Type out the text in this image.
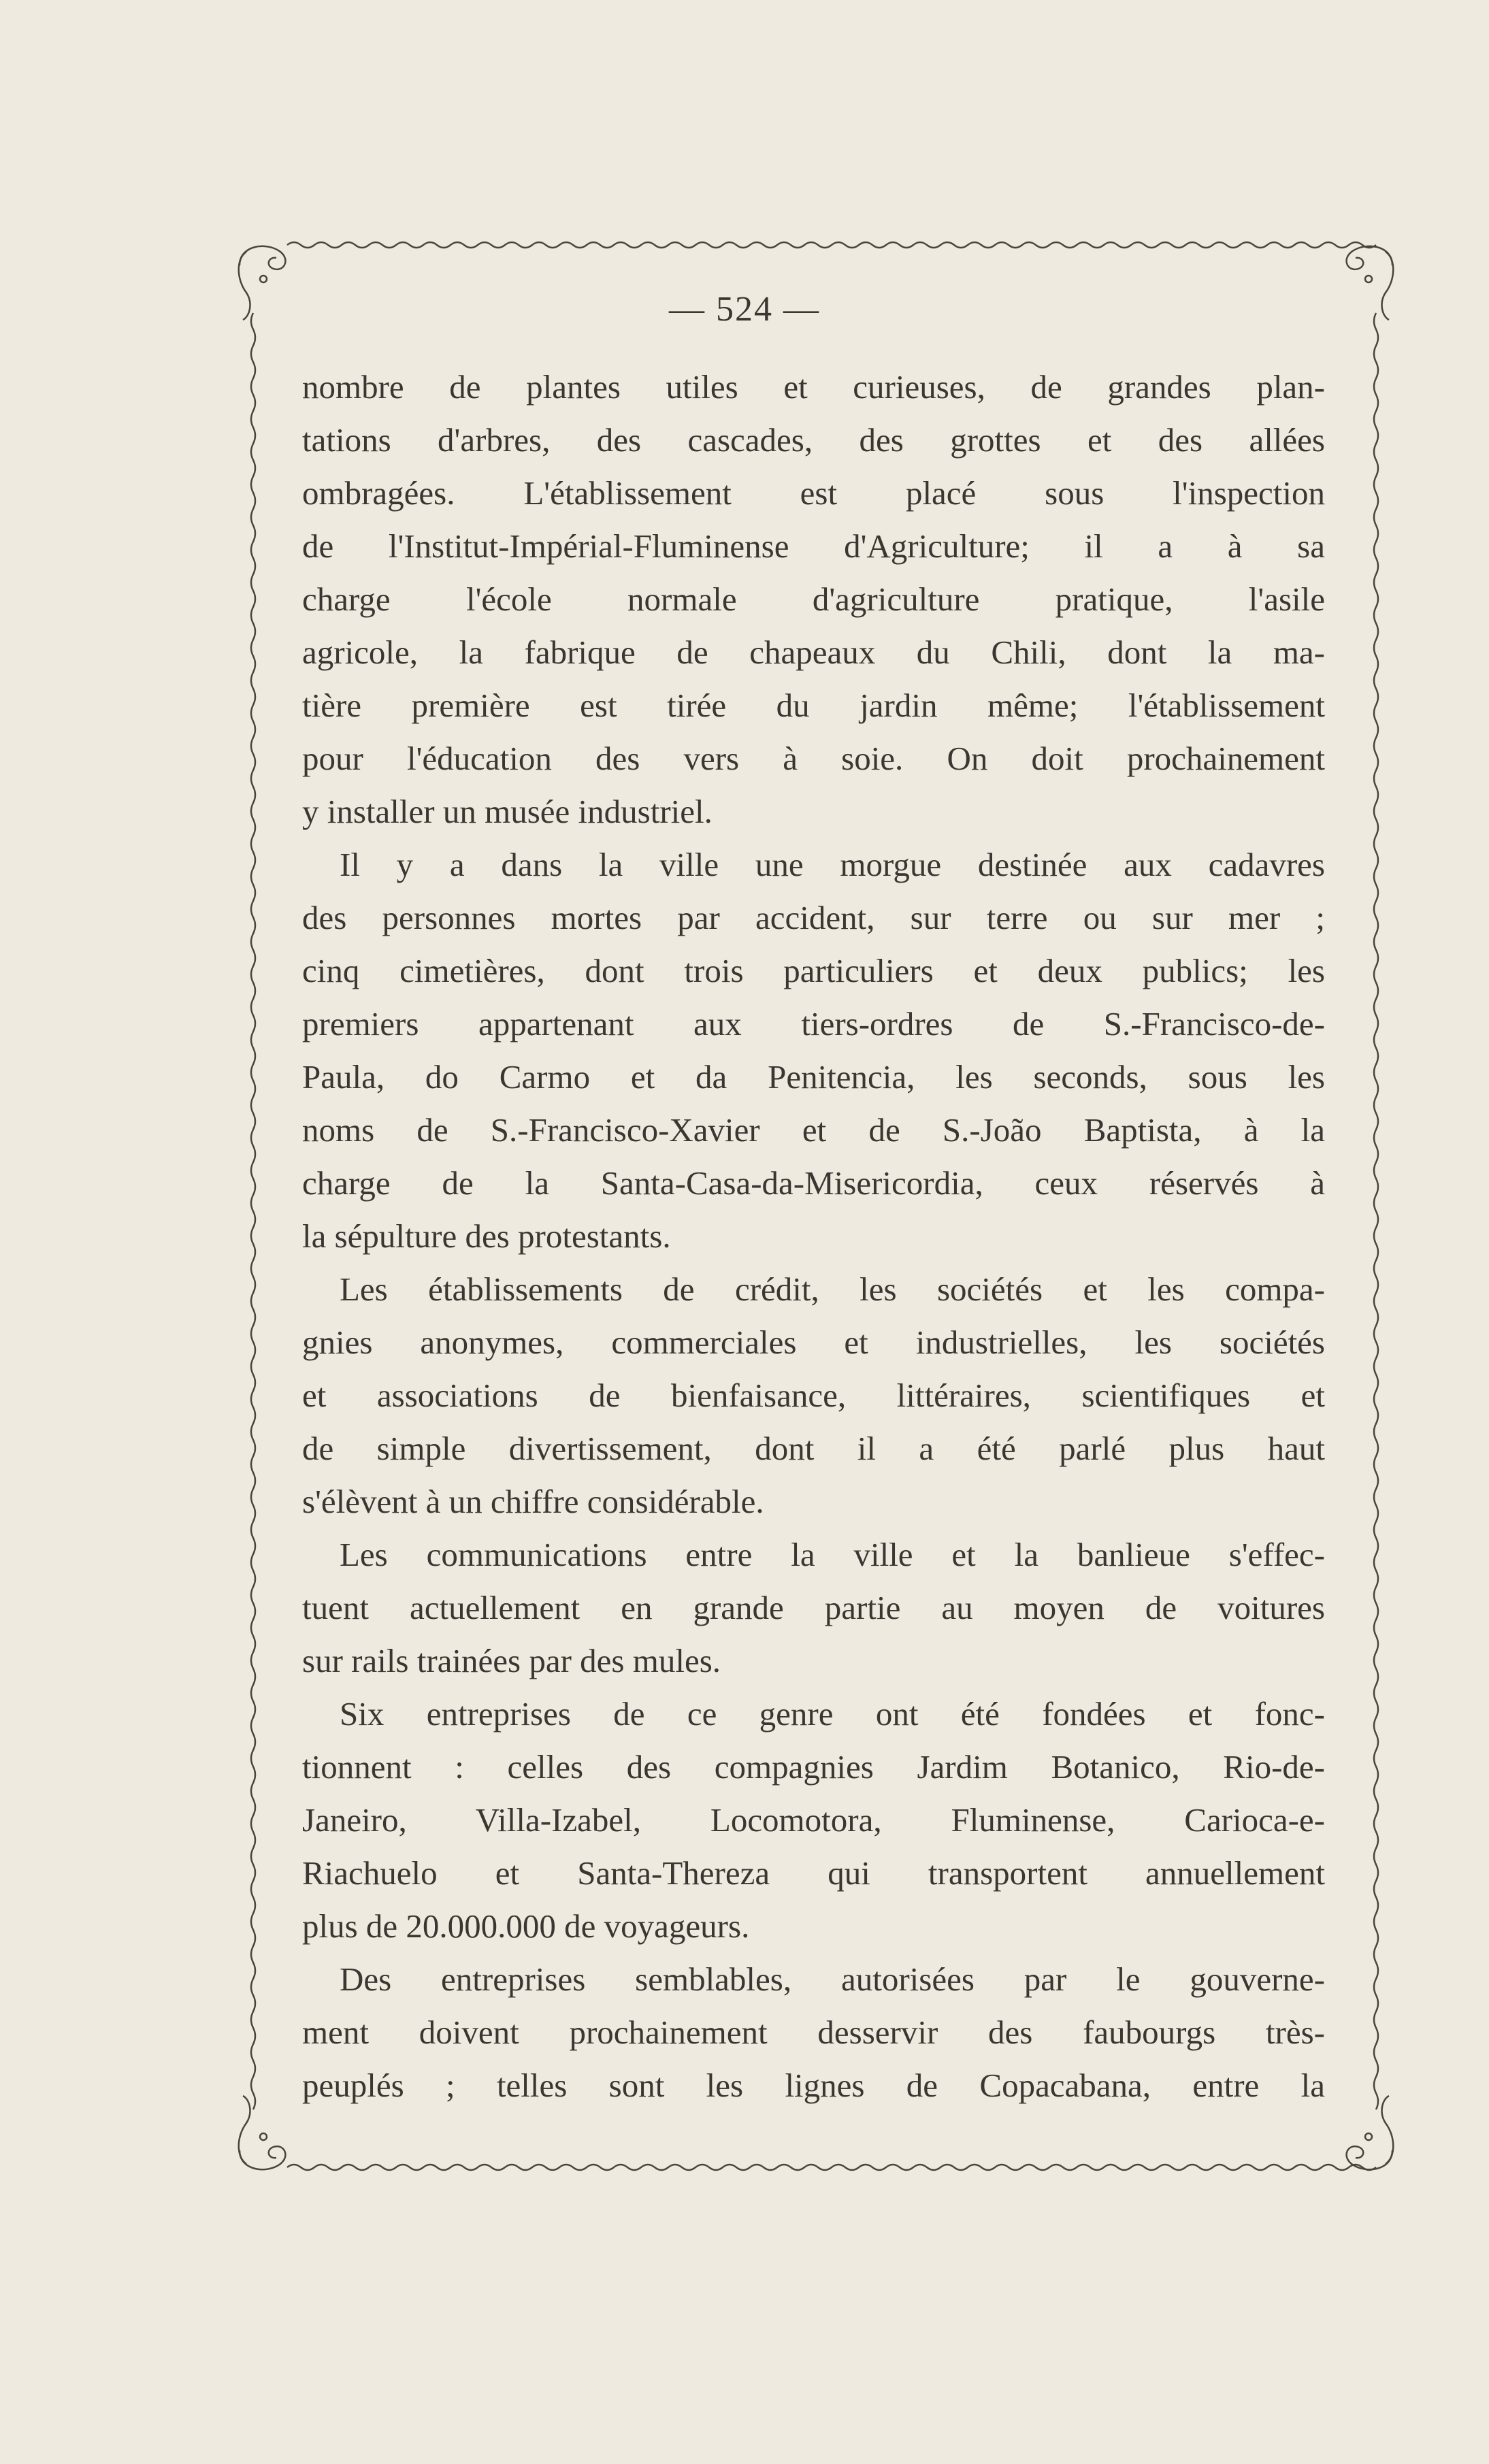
— 524 —
nombre de plantes utiles et curieuses, de grandes plan-
tations d'arbres, des cascades, des grottes et des allées
ombragées. L'établissement est placé sous l'inspection
de l'Institut-Impérial-Fluminense d'Agriculture; il a à sa
charge l'école normale d'agriculture pratique, l'asile
agricole, la fabrique de chapeaux du Chili, dont la ma-
tière première est tirée du jardin même; l'établissement
pour l'éducation des vers à soie. On doit prochainement
y installer un musée industriel.
Il y a dans la ville une morgue destinée aux cadavres
des personnes mortes par accident, sur terre ou sur mer ;
cinq cimetières, dont trois particuliers et deux publics; les
premiers appartenant aux tiers-ordres de S.-Francisco-de-
Paula, do Carmo et da Penitencia, les seconds, sous les
noms de S.-Francisco-Xavier et de S.-João Baptista, à la
charge de la Santa-Casa-da-Misericordia, ceux réservés à
la sépulture des protestants.
Les établissements de crédit, les sociétés et les compa-
gnies anonymes, commerciales et industrielles, les sociétés
et associations de bienfaisance, littéraires, scientifiques et
de simple divertissement, dont il a été parlé plus haut
s'élèvent à un chiffre considérable.
Les communications entre la ville et la banlieue s'effec-
tuent actuellement en grande partie au moyen de voitures
sur rails trainées par des mules.
Six entreprises de ce genre ont été fondées et fonc-
tionnent : celles des compagnies Jardim Botanico, Rio-de-
Janeiro, Villa-Izabel, Locomotora, Fluminense, Carioca-e-
Riachuelo et Santa-Thereza qui transportent annuellement
plus de 20.000.000 de voyageurs.
Des entreprises semblables, autorisées par le gouverne-
ment doivent prochainement desservir des faubourgs très-
peuplés ; telles sont les lignes de Copacabana, entre la
